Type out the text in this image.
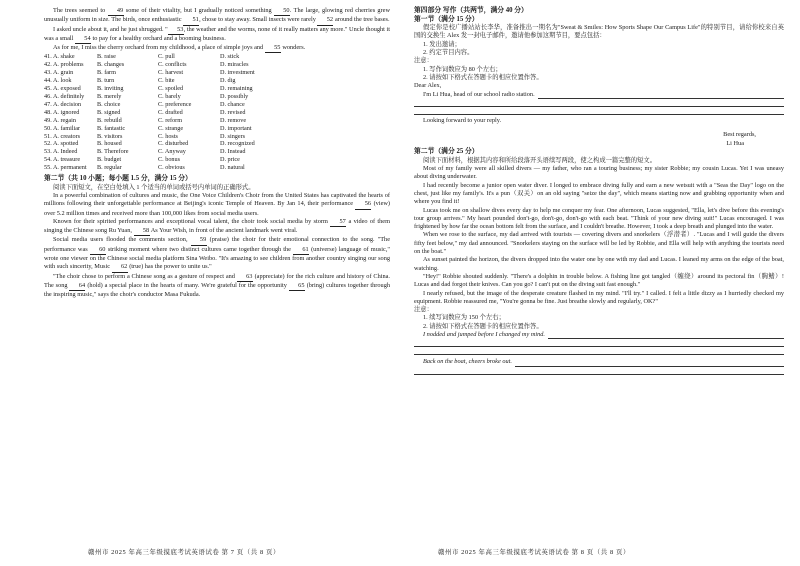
The trees seemed to 49 some of their vitality, but I gradually noticed something 50. The large, glowing red cherries grew unusually uniform in size. The birds, once enthusiastic 51, chose to stay away. Small insects were rarely 52 around the tree bases.

I asked uncle about it, and he just shrugged. " 53, the weather and the worms, none of it really matters any more." Uncle thought it was a small 54 to pay for a healthy orchard and a booming business.

As for me, I miss the cherry orchard from my childhood, a place of simple joys and 55 wonders.

41. A. shake	B. raise	C. pull	D. stick
42. A. problems	B. changes	C. conflicts	D. miracles
43. A. grain	B. farm	C. harvest	D. investment
44. A. look	B. turn	C. bite	D. dig
45. A. exposed	B. inviting	C. spoiled	D. remaining
46. A. definitely	B. merely	C. barely	D. possibly
47. A. decision	B. choice	C. preference	D. chance
48. A. ignored	B. signed	C. drafted	D. revised
49. A. regain	B. rebuild	C. reform	D. remove
50. A. familiar	B. fantastic	C. strange	D. important
51. A. creators	B. visitors	C. hosts	D. singers
52. A. spotted	B. housed	C. disturbed	D. recognized
53. A. Indeed	B. Therefore	C. Anyway	D. Instead
54. A. treasure	B. budget	C. bonus	D. price
55. A. permanent	B. regular	C. obvious	D. natural

第二节（共 10 小题；每小题 1.5 分，满分 15 分）

阅读下面短文，在空白处填入 1 个适当的单词或括号内单词的正确形式。

In a powerful combination of cultures and music, the One Voice Children's Choir from the United States has captivated the hearts of millions following their unforgettable performance at Beijing's iconic Temple of Heaven. By Jan 14, their performance 56 (view) over 5.2 million times and received more than 100,000 likes from social media users.

Known for their spirited performances and exceptional vocal talent, the choir took social media by storm 57 a video of them singing the Chinese song Ru Yuan, 58 As Your Wish, in front of the ancient landmark went viral.

Social media users flooded the comments section, 59 (praise) the choir for their emotional connection to the song. "The performance was 60 striking moment where two distinct cultures came together through the 61 (universe) language of music," wrote one viewer on the Chinese social media platform Sina Weibo. "It's amazing to see children from another country singing our song with such sincerity, Music 62 (true) has the power to unite us."

"The choir chose to perform a Chinese song as a gesture of respect and 63 (appreciate) for the rich culture and history of China. The song 64 (hold) a special place in the hearts of many. We're grateful for the opportunity 65 (bring) cultures together through the inspiring music," says the choir's conductor Masa Fukuda.

赣州市 2025 年高三年级摸底考试英语试卷 第 7 页（共 8 页）

第四部分 写作（共两节，满分 40 分）

第一节（满分 15 分）

假定你是校广播站站长李华，准备推出一期名为"Sweat & Smiles: How Sports Shape Our Campus Life"的特别节目，请给你校来自英国的交换生 Alex 发一封电子邮件，邀请他参加这期节目，要点包括：

1. 发出邀请；

2. 约定节目内容。

注意：

1. 写作词数应为 80 个左右；

2. 请按如下格式在答题卡的相应位置作答。

Dear Alex,

I'm Li Hua, head of our school radio station.

Looking forward to your reply.

Best regards,

Li Hua

第二节（满分 25 分）

阅读下面材料，根据其内容和所给段落开头语续写两段，使之构成一篇完整的短文。

Most of my family were all skilled divers — my father, who ran a touring business; my sister Robbie; my cousin Lucas. Yet I was uneasy about diving underwater.

I had recently become a junior open water diver. I longed to embrace diving fully and earn a new wetsuit with a "Seas the Day" logo on the chest, just like my family's. It's a pun（双关）on an old saying "seize the day", which means starting now and grabbing opportunity when and where you find it!

Lucas took me on shallow dives every day to help me conquer my fear. One afternoon, Lucas suggested, "Ella, let's dive before this evening's tour group arrives." My heart pounded don't-go, don't-go, don't-go with each beat. "Think of your new diving suit!" Lucas encouraged. I was frightened by how far the ocean bottom felt from the surface, and I couldn't breathe. However, I took a deep breath and plunged into the water.

When we rose to the surface, my dad arrived with tourists — covering divers and snorkelers（浮潜者）. "Lucas and I will guide the divers fifty feet below," my dad announced. "Snorkelers staying on the surface will be led by Robbie, and Ella will help with anything the tourists need on the boat."

As sunset painted the horizon, the divers dropped into the water one by one with my dad and Lucas. I leaned my arms on the edge of the boat, watching.

"Hey!" Robbie shouted suddenly. "There's a dolphin in trouble below. A fishing line got tangled（缠绕）around its pectoral fin（胸鳍）! Lucas and dad forgot their knives. Can you go? I can't put on the diving suit fast enough."

I nearly refused, but the image of the desperate creature flashed in my mind. "I'll try." I called. I felt a little dizzy as I hurriedly checked my equipment. Robbie reassured me, "You're gonna be fine. Just breathe slowly and regularly, OK?"

注意：

1. 续写词数应为 150 个左右；

2. 请按如下格式在答题卡的相应位置作答。

I nodded and jumped before I changed my mind.

Back on the boat, cheers broke out.

赣州市 2025 年高三年级摸底考试英语试卷 第 8 页（共 8 页）
